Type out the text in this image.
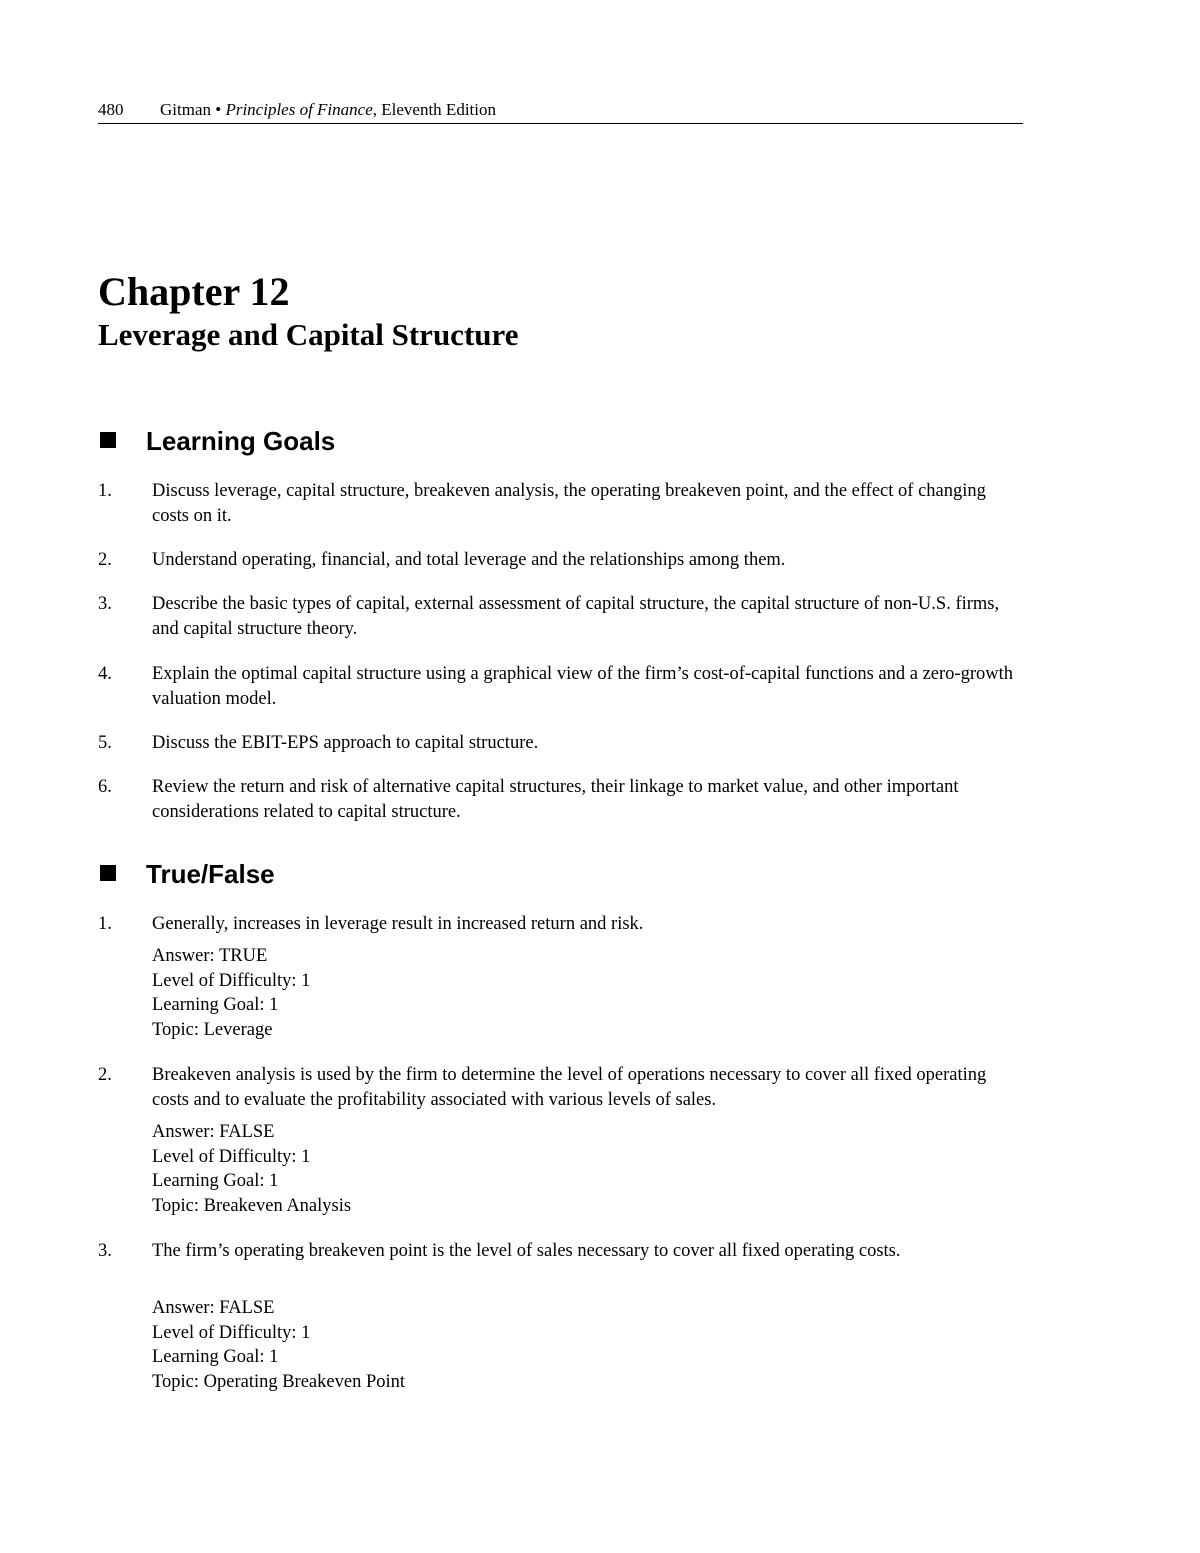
480 Gitman • Principles of Finance, Eleventh Edition
Chapter 12
Leverage and Capital Structure
Learning Goals
1. Discuss leverage, capital structure, breakeven analysis, the operating breakeven point, and the effect of changing costs on it.
2. Understand operating, financial, and total leverage and the relationships among them.
3. Describe the basic types of capital, external assessment of capital structure, the capital structure of non-U.S. firms, and capital structure theory.
4. Explain the optimal capital structure using a graphical view of the firm’s cost-of-capital functions and a zero-growth valuation model.
5. Discuss the EBIT-EPS approach to capital structure.
6. Review the return and risk of alternative capital structures, their linkage to market value, and other important considerations related to capital structure.
True/False
1. Generally, increases in leverage result in increased return and risk.
Answer: TRUE
Level of Difficulty: 1
Learning Goal: 1
Topic: Leverage
2. Breakeven analysis is used by the firm to determine the level of operations necessary to cover all fixed operating costs and to evaluate the profitability associated with various levels of sales.
Answer: FALSE
Level of Difficulty: 1
Learning Goal: 1
Topic: Breakeven Analysis
3. The firm’s operating breakeven point is the level of sales necessary to cover all fixed operating costs.
Answer: FALSE
Level of Difficulty: 1
Learning Goal: 1
Topic: Operating Breakeven Point
